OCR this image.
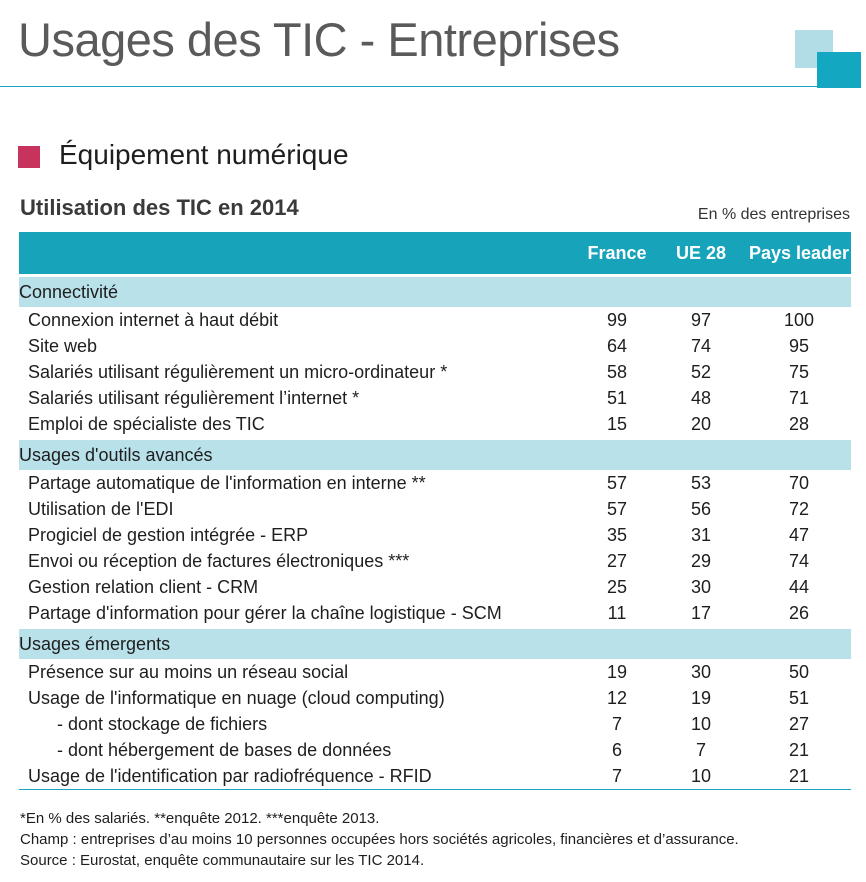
Usages des TIC - Entreprises
Équipement numérique
Utilisation des TIC en 2014	En % des entreprises
	France	UE 28	Pays leader

Connectivité			
Connexion internet à haut débit	99	97	100
Site web	64	74	95
Salariés utilisant régulièrement un micro-ordinateur *	58	52	75
Salariés utilisant régulièrement l’internet *	51	48	71
Emploi de spécialiste des TIC	15	20	28

Usages d'outils avancés			
Partage automatique de l'information en interne **	57	53	70
Utilisation de l'EDI	57	56	72
Progiciel de gestion intégrée - ERP	35	31	47
Envoi ou réception de factures électroniques ***	27	29	74
Gestion relation client - CRM	25	30	44
Partage d'information pour gérer la chaîne logistique - SCM	11	17	26

Usages émergents			
Présence sur au moins un réseau social	19	30	50
Usage de l'informatique en nuage (cloud computing)	12	19	51
- dont stockage de fichiers	7	10	27
- dont hébergement de bases de données	6	7	21
Usage de l'identification par radiofréquence - RFID	7	10	21
*En % des salariés. **enquête 2012. ***enquête 2013.
Champ : entreprises d’au moins 10 personnes occupées hors sociétés agricoles, financières et d’assurance.
Source : Eurostat, enquête communautaire sur les TIC 2014.
